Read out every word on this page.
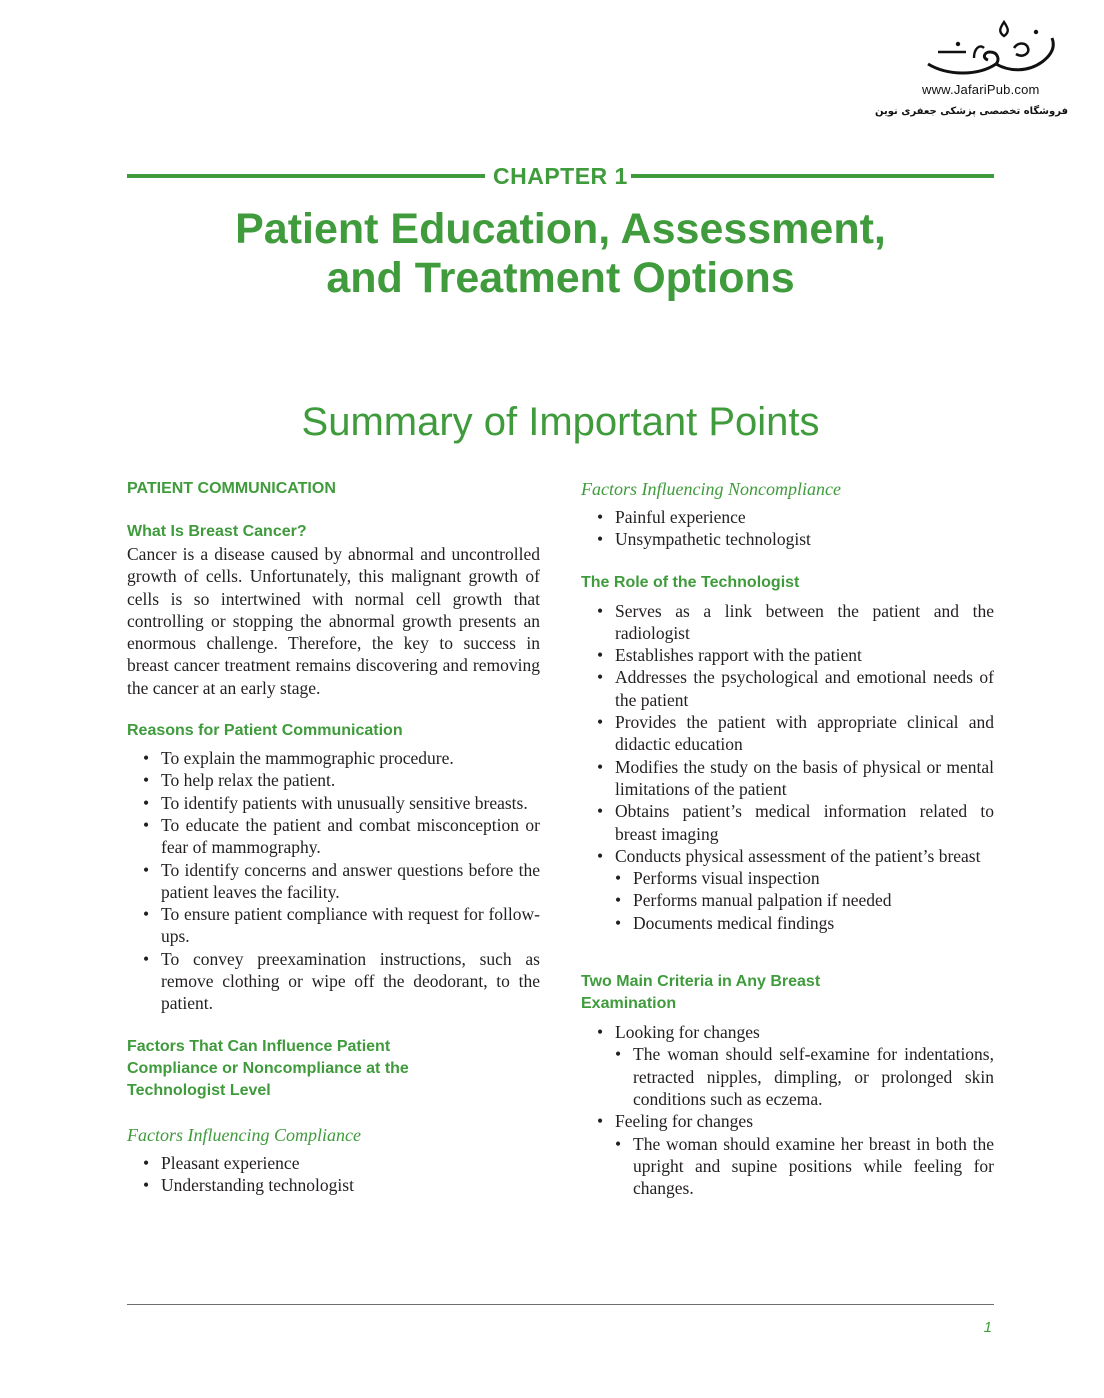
www.JafariPub.com
فروشگاه تخصصی پزشکی جعفری نوین
CHAPTER 1
Patient Education, Assessment,
and Treatment Options
Summary of Important Points
PATIENT COMMUNICATION
What Is Breast Cancer?

Cancer is a disease caused by abnormal and uncontrolled growth of cells. Unfortunately, this malignant growth of cells is so intertwined with normal cell growth that controlling or stopping the abnormal growth presents an enormous challenge. Therefore, the key to success in breast cancer treatment remains discovering and removing the cancer at an early stage.

Reasons for Patient Communication
• To explain the mammographic procedure.
• To help relax the patient.
• To identify patients with unusually sensitive breasts.
• To educate the patient and combat misconception or fear of mammography.
• To identify concerns and answer questions before the patient leaves the facility.
• To ensure patient compliance with request for follow-ups.
• To convey preexamination instructions, such as remove clothing or wipe off the deodorant, to the patient.
Factors That Can Influence Patient
Compliance or Noncompliance at the
Technologist Level
Factors Influencing Compliance
• Pleasant experience
• Understanding technologist
Factors Influencing Noncompliance
• Painful experience
• Unsympathetic technologist
The Role of the Technologist
• Serves as a link between the patient and the radiologist
• Establishes rapport with the patient
• Addresses the psychological and emotional needs of the patient
• Provides the patient with appropriate clinical and didactic education
• Modifies the study on the basis of physical or mental limitations of the patient
• Obtains patient’s medical information related to breast imaging
• Conducts physical assessment of the patient’s breast
• Performs visual inspection
• Performs manual palpation if needed
• Documents medical findings
Two Main Criteria in Any Breast
Examination
• Looking for changes
• The woman should self-examine for indentations, retracted nipples, dimpling, or prolonged skin conditions such as eczema.
• Feeling for changes
• The woman should examine her breast in both the upright and supine positions while feeling for changes.
1
